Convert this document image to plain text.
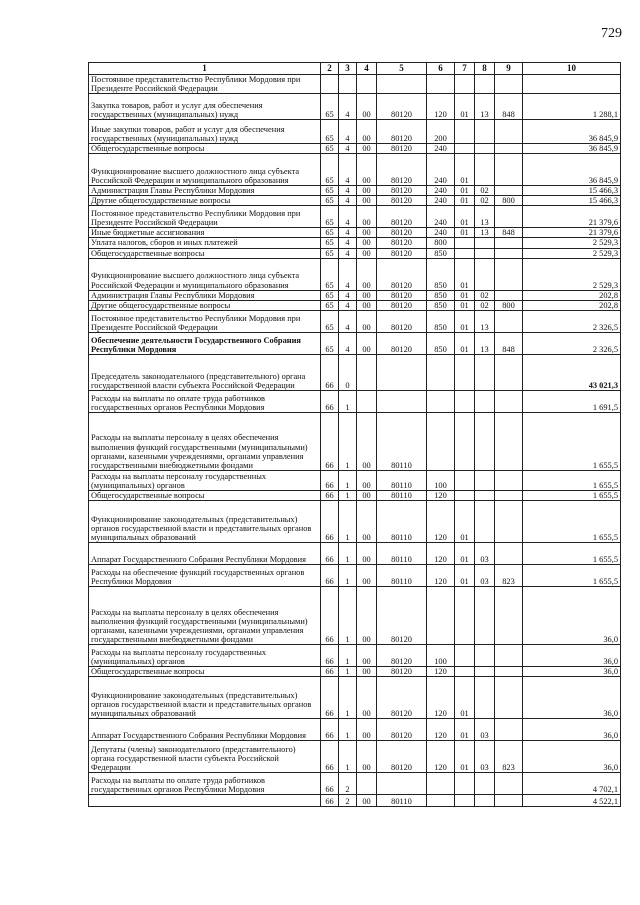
729
1	2	3	4	5	6	7	8	9	10
Постоянное представительство Республики Мордовия при Президенте Российской Федерации									
Закупка товаров, работ и услуг для обеспечения государственных (муниципальных) нужд	65	4	00	80120	120	01	13	848	1 288,1
Иные закупки товаров, работ и услуг для обеспечения государственных (муниципальных) нужд	65	4	00	80120	200				36 845,9
Общегосударственные вопросы	65	4	00	80120	240				36 845,9
Функционирование высшего должностного лица субъекта Российской Федерации и муниципального образования	65	4	00	80120	240	01			36 845,9
Администрация Главы Республики Мордовия	65	4	00	80120	240	01	02		15 466,3
Другие общегосударственные вопросы	65	4	00	80120	240	01	02	800	15 466,3
Постоянное представительство Республики Мордовия при Президенте Российской Федерации	65	4	00	80120	240	01	13		21 379,6
Иные бюджетные ассигнования	65	4	00	80120	240	01	13	848	21 379,6
Уплата налогов, сборов и иных платежей	65	4	00	80120	800				2 529,3
Общегосударственные вопросы	65	4	00	80120	850				2 529,3
Функционирование высшего должностного лица субъекта Российской Федерации и муниципального образования	65	4	00	80120	850	01			2 529,3
Администрация Главы Республики Мордовия	65	4	00	80120	850	01	02		202,8
Другие общегосударственные вопросы	65	4	00	80120	850	01	02	800	202,8
Постоянное представительство Республики Мордовия при Президенте Российской Федерации	65	4	00	80120	850	01	13		2 326,5
Обеспечение деятельности Государственного Собрания Республики Мордовия	65	4	00	80120	850	01	13	848	2 326,5
Председатель законодательного (представительного) органа государственной власти субъекта Российской Федерации	66	0							43 021,3
Расходы на выплаты по оплате труда работников государственных органов Республики Мордовия	66	1							1 691,5
Расходы на выплаты персоналу в целях обеспечения выполнения функций государственными (муниципальными) органами, казенными учреждениями, органами управления государственными внебюджетными фондами	66	1	00	80110					1 655,5
Расходы на выплаты персоналу государственных (муниципальных) органов	66	1	00	80110	100				1 655,5
Общегосударственные вопросы	66	1	00	80110	120				1 655,5
Функционирование законодательных (представительных) органов государственной власти и представительных органов муниципальных образований	66	1	00	80110	120	01			1 655,5
Аппарат Государственного Собрания Республики Мордовия	66	1	00	80110	120	01	03		1 655,5
Расходы на обеспечение функций государственных органов Республики Мордовия	66	1	00	80110	120	01	03	823	1 655,5
Расходы на выплаты персоналу в целях обеспечения выполнения функций государственными (муниципальными) органами, казенными учреждениями, органами управления государственными внебюджетными фондами	66	1	00	80120					36,0
Расходы на выплаты персоналу государственных (муниципальных) органов	66	1	00	80120	100				36,0
Общегосударственные вопросы	66	1	00	80120	120				36,0
Функционирование законодательных (представительных) органов государственной власти и представительных органов муниципальных образований	66	1	00	80120	120	01			36,0
Аппарат Государственного Собрания Республики Мордовия	66	1	00	80120	120	01	03		36,0
Депутаты (члены) законодательного (представительного) органа государственной власти субъекта Российской Федерации	66	1	00	80120	120	01	03	823	36,0
Расходы на выплаты по оплате труда работников государственных органов Республики Мордовия	66	2							4 702,1
	66	2	00	80110					4 522,1
